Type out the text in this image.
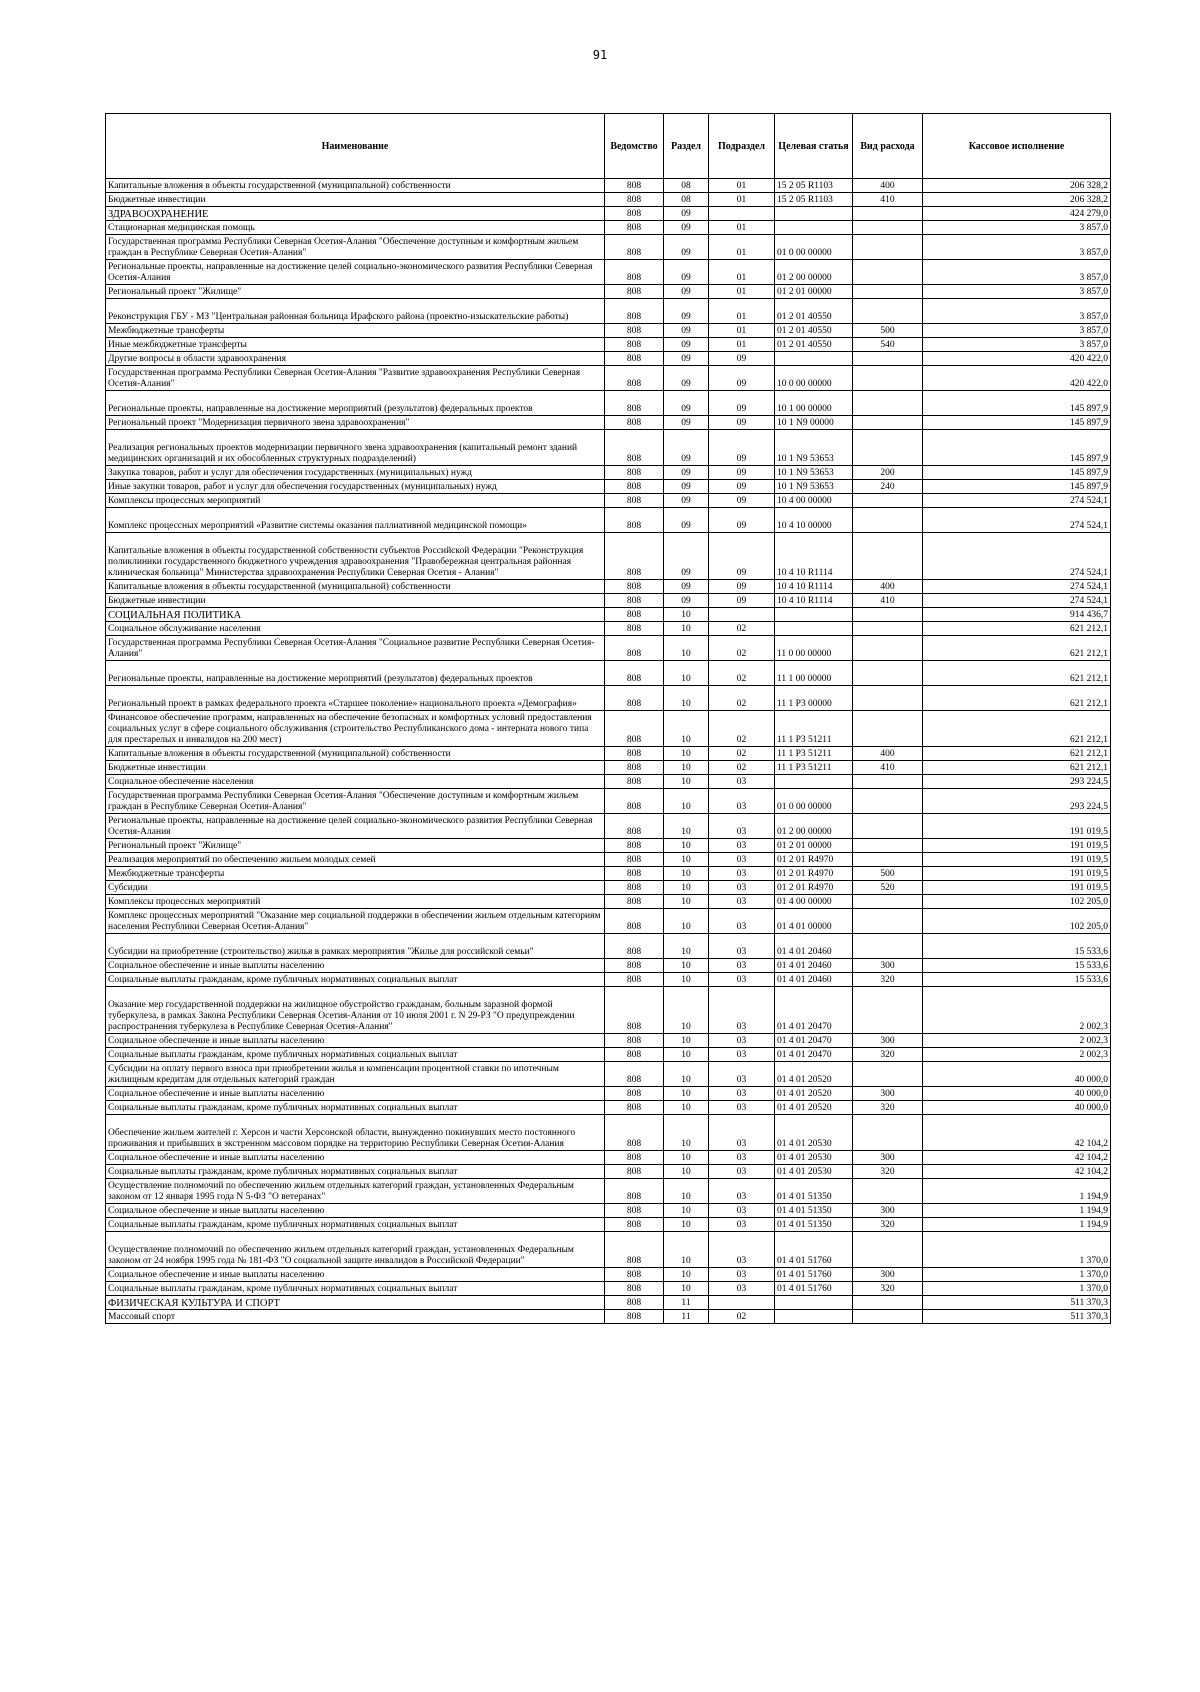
91
Наименование	Ведомство	Раздел	Подраздел	Целевая статья	Вид расхода	Кассовое исполнение
Капитальные вложения в объекты государственной (муниципальной) собственности	808	08	01	15 2 05 R1103	400	206 328,2
Бюджетные инвестиции	808	08	01	15 2 05 R1103	410	206 328,2
ЗДРАВООХРАНЕНИЕ	808	09				424 279,0
Стационарная медицинская помощь	808	09	01			3 857,0
Государственная программа Республики Северная Осетия-Алания "Обеспечение доступным и комфортным жильем граждан в Республике Северная Осетия-Алания"	808	09	01	01 0 00 00000		3 857,0
Региональные проекты, направленные на достижение целей социально-экономического развития Республики Северная Осетия-Алания	808	09	01	01 2 00 00000		3 857,0
Региональный проект "Жилище"	808	09	01	01 2 01 00000		3 857,0
Реконструкция ГБУ - МЗ "Центральная районная больница Ирафского района (проектно-изыскательские работы)	808	09	01	01 2 01 40550		3 857,0
Межбюджетные трансферты	808	09	01	01 2 01 40550	500	3 857,0
Иные межбюджетные трансферты	808	09	01	01 2 01 40550	540	3 857,0
Другие вопросы в области здравоохранения	808	09	09			420 422,0
Государственная программа Республики Северная Осетия-Алания "Развитие здравоохранения Республики Северная Осетия-Алания"	808	09	09	10 0 00 00000		420 422,0
Региональные проекты, направленные на достижение мероприятий (результатов) федеральных проектов	808	09	09	10 1 00 00000		145 897,9
Региональный проект "Модернизация первичного звена здравоохранения"	808	09	09	10 1 N9 00000		145 897,9
Реализация региональных проектов модернизации первичного звена здравоохранения (капитальный ремонт зданий медицинских организаций и их обособленных структурных подразделений)	808	09	09	10 1 N9 53653		145 897,9
Закупка товаров, работ и услуг для обеспечения государственных (муниципальных) нужд	808	09	09	10 1 N9 53653	200	145 897,9
Иные закупки товаров, работ и услуг для обеспечения государственных (муниципальных) нужд	808	09	09	10 1 N9 53653	240	145 897,9
Комплексы процессных мероприятий	808	09	09	10 4 00 00000		274 524,1
Комплекс процессных мероприятий «Развитие системы оказания паллиативной медицинской помощи»	808	09	09	10 4 10 00000		274 524,1
Капитальные вложения в объекты государственной собственности субъектов Российской Федерации "Реконструкция поликлиники государственного бюджетного учреждения здравоохранения "Правобережная центральная районная клиническая больница" Министерства здравоохранения Республики Северная Осетия - Алания"	808	09	09	10 4 10 R1114		274 524,1
Капитальные вложения в объекты государственной (муниципальной) собственности	808	09	09	10 4 10 R1114	400	274 524,1
Бюджетные инвестиции	808	09	09	10 4 10 R1114	410	274 524,1
СОЦИАЛЬНАЯ ПОЛИТИКА	808	10				914 436,7
Социальное обслуживание населения	808	10	02			621 212,1
Государственная программа Республики Северная Осетия-Алания "Социальное развитие Республики Северная Осетия-Алания"	808	10	02	11 0 00 00000		621 212,1
Региональные проекты, направленные на достижение мероприятий (результатов) федеральных проектов	808	10	02	11 1 00 00000		621 212,1
Региональный проект в рамках федерального проекта «Старшее поколение» национального проекта «Демография»	808	10	02	11 1 P3 00000		621 212,1
Финансовое обеспечение программ, направленных на обеспечение безопасных и комфортных условий предоставления социальных услуг в сфере социального обслуживания (строительство Республиканского дома - интерната нового типа для престарелых и инвалидов на 200 мест)	808	10	02	11 1 P3 51211		621 212,1
Капитальные вложения в объекты государственной (муниципальной) собственности	808	10	02	11 1 P3 51211	400	621 212,1
Бюджетные инвестиции	808	10	02	11 1 P3 51211	410	621 212,1
Социальное обеспечение населения	808	10	03			293 224,5
Государственная программа Республики Северная Осетия-Алания "Обеспечение доступным и комфортным жильем граждан в Республике Северная Осетия-Алания"	808	10	03	01 0 00 00000		293 224,5
Региональные проекты, направленные на достижение целей социально-экономического развития Республики Северная Осетия-Алания	808	10	03	01 2 00 00000		191 019,5
Региональный проект "Жилище"	808	10	03	01 2 01 00000		191 019,5
Реализация мероприятий по обеспечению жильем молодых семей	808	10	03	01 2 01 R4970		191 019,5
Межбюджетные трансферты	808	10	03	01 2 01 R4970	500	191 019,5
Субсидии	808	10	03	01 2 01 R4970	520	191 019,5
Комплексы процессных мероприятий	808	10	03	01 4 00 00000		102 205,0
Комплекс процессных мероприятий "Оказание мер социальной поддержки в обеспечении жильем отдельным категориям населения Республики Северная Осетия-Алания"	808	10	03	01 4 01 00000		102 205,0
Субсидии на приобретение (строительство) жилья в рамках мероприятия "Жилье для российской семьи"	808	10	03	01 4 01 20460		15 533,6
Социальное обеспечение и иные выплаты населению	808	10	03	01 4 01 20460	300	15 533,6
Социальные выплаты гражданам, кроме публичных нормативных социальных выплат	808	10	03	01 4 01 20460	320	15 533,6
Оказание мер государственной поддержки на жилищное обустройство гражданам, больным заразной формой туберкулеза, в рамках Закона Республики Северная Осетия-Алания от 10 июля 2001 г. N 29-РЗ "О предупреждении распространения туберкулеза в Республике Северная Осетия-Алания"	808	10	03	01 4 01 20470		2 002,3
Социальное обеспечение и иные выплаты населению	808	10	03	01 4 01 20470	300	2 002,3
Социальные выплаты гражданам, кроме публичных нормативных социальных выплат	808	10	03	01 4 01 20470	320	2 002,3
Субсидии на оплату первого взноса при приобретении жилья и компенсации процентной ставки по ипотечным жилищным кредитам для отдельных категорий граждан	808	10	03	01 4 01 20520		40 000,0
Социальное обеспечение и иные выплаты населению	808	10	03	01 4 01 20520	300	40 000,0
Социальные выплаты гражданам, кроме публичных нормативных социальных выплат	808	10	03	01 4 01 20520	320	40 000,0
Обеспечение жильем жителей г. Херсон и части Херсонской области, вынужденно покинувших место постоянного проживания и прибывших в экстренном массовом порядке на территорию Республики Северная Осетия-Алания	808	10	03	01 4 01 20530		42 104,2
Социальное обеспечение и иные выплаты населению	808	10	03	01 4 01 20530	300	42 104,2
Социальные выплаты гражданам, кроме публичных нормативных социальных выплат	808	10	03	01 4 01 20530	320	42 104,2
Осуществление полномочий по обеспечению жильем отдельных категорий граждан, установленных Федеральным законом от 12 января 1995 года N 5-ФЗ "О ветеранах"	808	10	03	01 4 01 51350		1 194,9
Социальное обеспечение и иные выплаты населению	808	10	03	01 4 01 51350	300	1 194,9
Социальные выплаты гражданам, кроме публичных нормативных социальных выплат	808	10	03	01 4 01 51350	320	1 194,9
Осуществление полномочий по обеспечению жильем отдельных категорий граждан, установленных Федеральным законом от 24 ноября 1995 года № 181-ФЗ "О социальной защите инвалидов в Российской Федерации"	808	10	03	01 4 01 51760		1 370,0
Социальное обеспечение и иные выплаты населению	808	10	03	01 4 01 51760	300	1 370,0
Социальные выплаты гражданам, кроме публичных нормативных социальных выплат	808	10	03	01 4 01 51760	320	1 370,0
ФИЗИЧЕСКАЯ КУЛЬТУРА И СПОРТ	808	11				511 370,3
Массовый спорт	808	11	02			511 370,3
